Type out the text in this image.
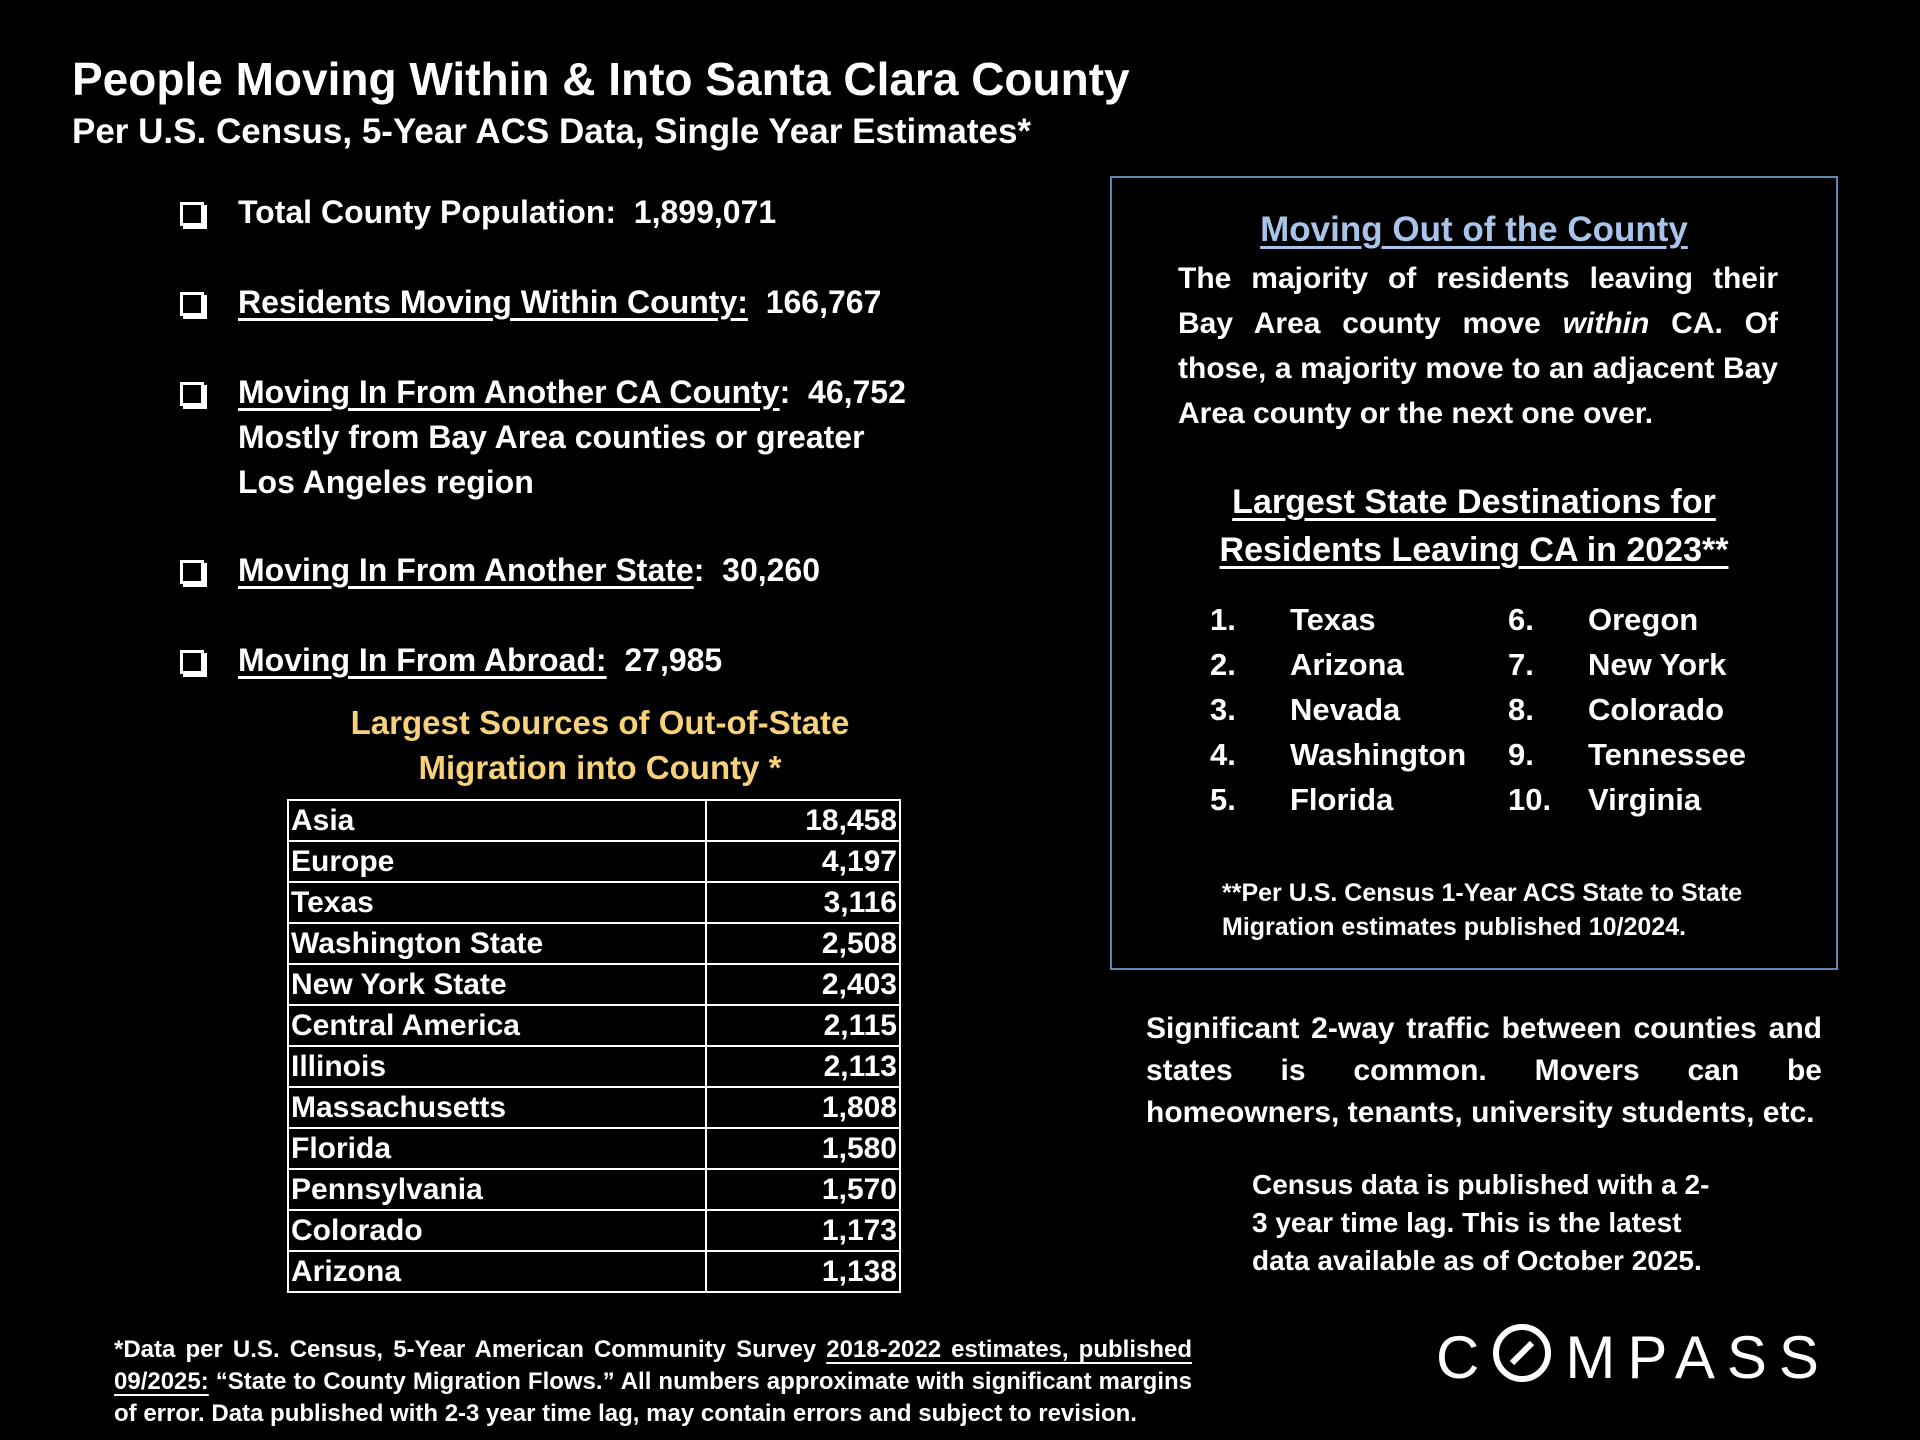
People Moving Within & Into Santa Clara County
Per U.S. Census, 5-Year ACS Data, Single Year Estimates*
Total County Population: 1,899,071
Residents Moving Within County: 166,767
Moving In From Another CA County:  46,752
Mostly from Bay Area counties or greater
Los Angeles region
Moving In From Another State:  30,260
Moving In From Abroad: 27,985
Largest Sources of Out-of-State
Migration into County *
Asia	18,458
Europe	4,197
Texas	3,116
Washington State	2,508
New York State	2,403
Central America	2,115
Illinois	2,113
Massachusetts	1,808
Florida	1,580
Pennsylvania	1,570
Colorado	1,173
Arizona	1,138
Moving Out of the County
The majority of residents leaving their Bay Area county move within CA. Of those, a majority move to an adjacent Bay Area county or the next one over.
Largest State Destinations for
Residents Leaving CA in 2023**
1. Texas
2. Arizona
3. Nevada
4. Washington
5. Florida
6. Oregon
7. New York
8. Colorado
9. Tennessee
10. Virginia
**Per U.S. Census 1-Year ACS State to State
Migration estimates published 10/2024.
Significant 2-way traffic between counties and states is common. Movers can be homeowners, tenants, university students, etc.
Census data is published with a 2-
3 year time lag. This is the latest
data available as of October 2025.
*Data per U.S. Census, 5-Year American Community Survey 2018-2022 estimates, published 09/2025: “State to County Migration Flows.” All numbers approximate with significant margins of error. Data published with 2-3 year time lag, may contain errors and subject to revision.
C MPASS
